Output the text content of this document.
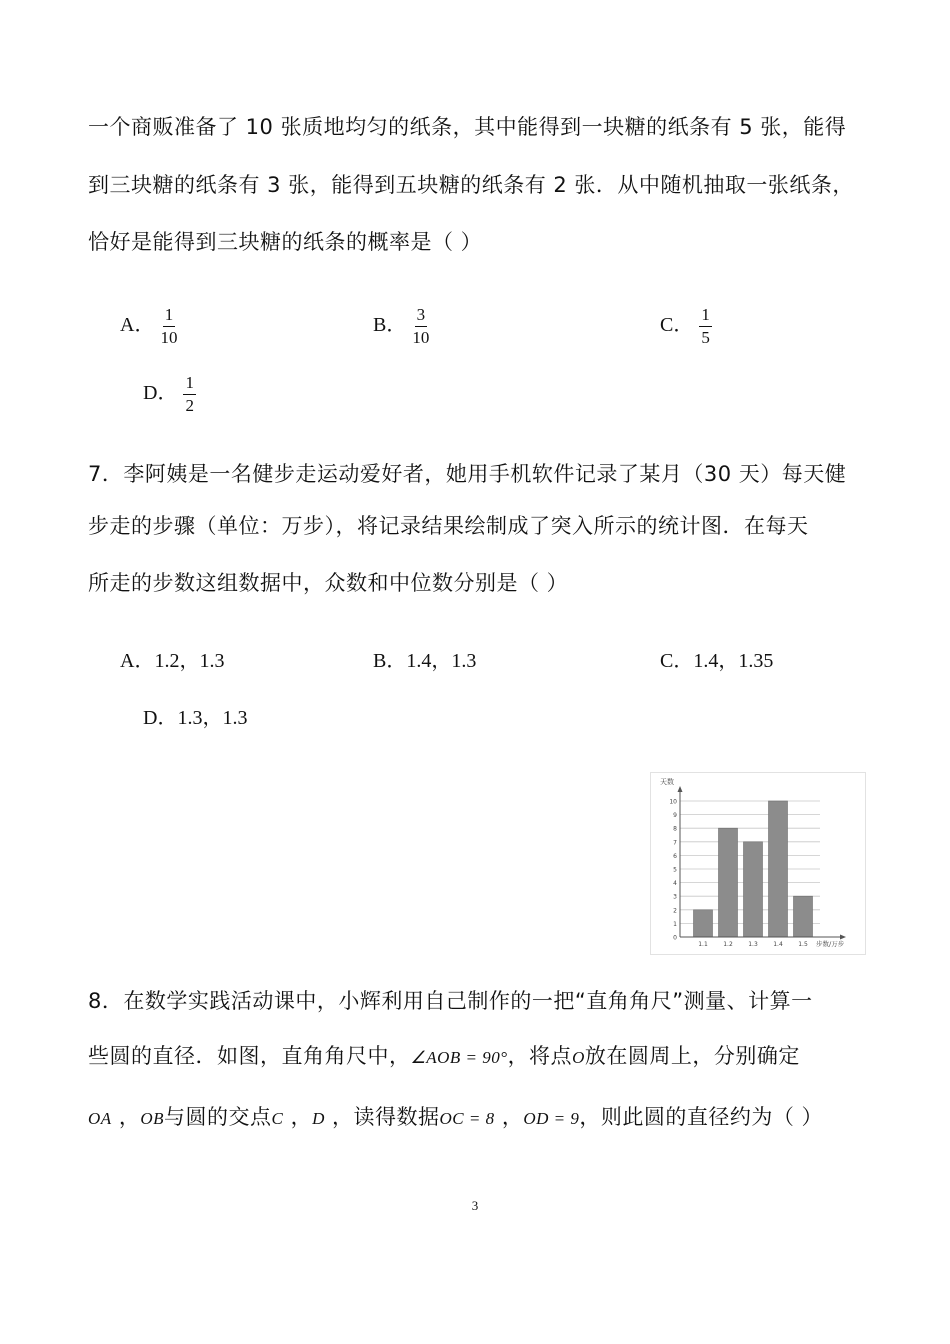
一个商贩准备了 10 张质地均匀的纸条，其中能得到一块糖的纸条有 5 张，能得
到三块糖的纸条有 3 张，能得到五块糖的纸条有 2 张．从中随机抽取一张纸条，
恰好是能得到三块糖的纸条的概率是（ ）
A． $\frac{1}{10}$	B． $\frac{3}{10}$	C． $\frac{1}{5}$
D． $\frac{1}{2}$
7．李阿姨是一名健步走运动爱好者，她用手机软件记录了某月（30 天）每天健
步走的步骤（单位：万步），将记录结果绘制成了突入所示的统计图．在每天
所走的步数这组数据中，众数和中位数分别是（ ）
A．1.2，1.3	B．1.4，1.3	C．1.4，1.35
D．1.3，1.3
0
1
2
3
4
5
6
7
8
9
10
1.1	1.2	1.3	1.4	1.5
天数
步数/万步
8．在数学实践活动课中，小辉利用自己制作的一把“直角角尺”测量、计算一
些圆的直径．如图，直角角尺中，∠AOB = 90°，将点O放在圆周上，分别确定
OA ，OB与圆的交点C ，D ，读得数据OC = 8 ，OD = 9，则此圆的直径约为（ ）
3
